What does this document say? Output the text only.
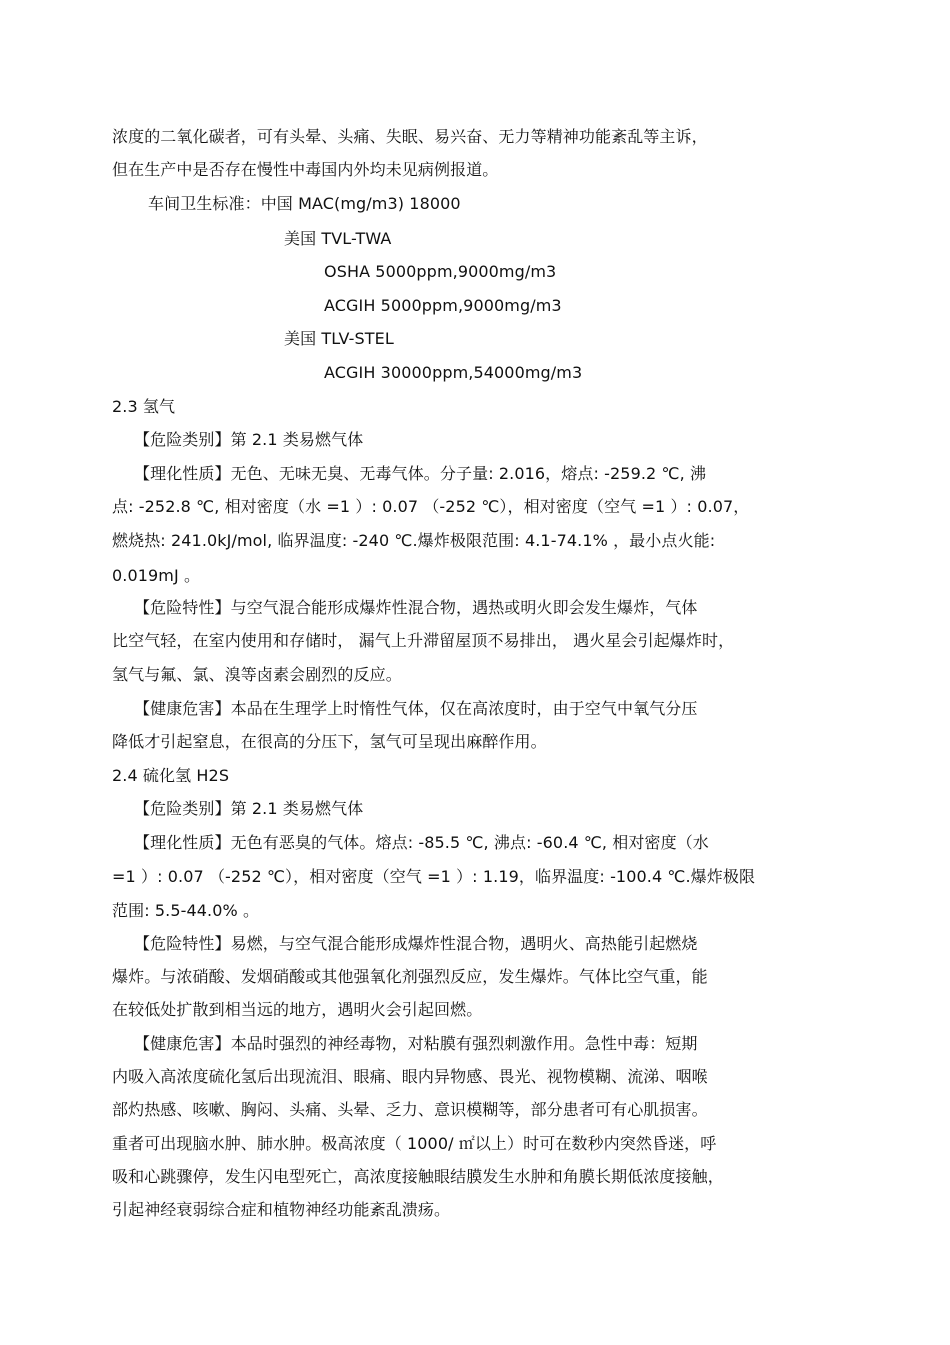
浓度的二氧化碳者，可有头晕、头痛、失眠、易兴奋、无力等精神功能紊乱等主诉，
但在生产中是否存在慢性中毒国内外均未见病例报道。
车间卫生标准：中国 MAC(mg/m3) 18000
美国 TVL-TWA
OSHA 5000ppm,9000mg/m3
ACGIH 5000ppm,9000mg/m3
美国 TLV-STEL
ACGIH 30000ppm,54000mg/m3
2.3 氢气
【危险类别】第 2.1 类易燃气体
【理化性质】无色、无味无臭、无毒气体。分子量: 2.016，熔点: -259.2 ℃, 沸
点: -252.8 ℃, 相对密度（水 =1 ）: 0.07 （-252 ℃），相对密度（空气 =1 ）: 0.07，
燃烧热: 241.0kJ/mol, 临界温度: -240 ℃.爆炸极限范围: 4.1-74.1% ，最小点火能:
0.019mJ 。
【危险特性】与空气混合能形成爆炸性混合物，遇热或明火即会发生爆炸，气体
比空气轻，在室内使用和存储时， 漏气上升滞留屋顶不易排出， 遇火星会引起爆炸时，
氢气与氟、氯、溴等卤素会剧烈的反应。
【健康危害】本品在生理学上时惰性气体，仅在高浓度时，由于空气中氧气分压
降低才引起窒息，在很高的分压下，氢气可呈现出麻醉作用。
2.4 硫化氢 H2S
【危险类别】第 2.1 类易燃气体
【理化性质】无色有恶臭的气体。熔点: -85.5 ℃, 沸点: -60.4 ℃, 相对密度（水
=1 ）: 0.07 （-252 ℃），相对密度（空气 =1 ）: 1.19，临界温度: -100.4 ℃.爆炸极限
范围: 5.5-44.0% 。
【危险特性】易燃，与空气混合能形成爆炸性混合物，遇明火、高热能引起燃烧
爆炸。与浓硝酸、发烟硝酸或其他强氧化剂强烈反应，发生爆炸。气体比空气重，能
在较低处扩散到相当远的地方，遇明火会引起回燃。
【健康危害】本品时强烈的神经毒物，对粘膜有强烈刺激作用。急性中毒：短期
内吸入高浓度硫化氢后出现流泪、眼痛、眼内异物感、畏光、视物模糊、流涕、咽喉
部灼热感、咳嗽、胸闷、头痛、头晕、乏力、意识模糊等，部分患者可有心肌损害。
重者可出现脑水肿、肺水肿。极高浓度（ 1000/ ㎡以上）时可在数秒内突然昏迷，呼
吸和心跳骤停，发生闪电型死亡，高浓度接触眼结膜发生水肿和角膜长期低浓度接触，
引起神经衰弱综合症和植物神经功能紊乱溃疡。
